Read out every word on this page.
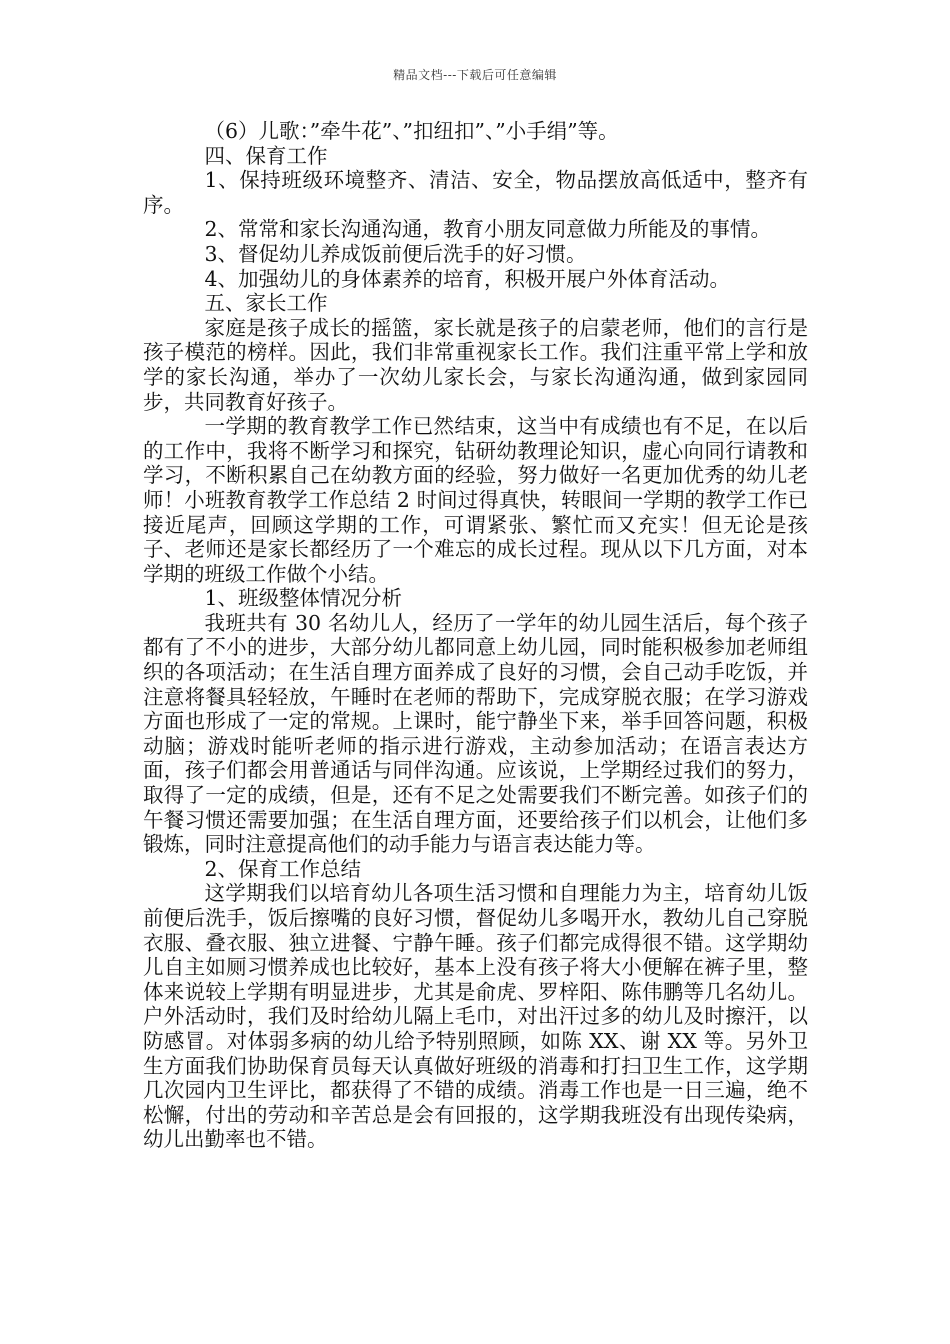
精品文档---下载后可任意编辑

（6）儿歌：”牵牛花”、”扣纽扣”、”小手绢”等。

四、保育工作

1、保持班级环境整齐、清洁、安全，物品摆放高低适中，整齐有序。

2、常常和家长沟通沟通，教育小朋友同意做力所能及的事情。

3、督促幼儿养成饭前便后洗手的好习惯。

4、加强幼儿的身体素养的培育，积极开展户外体育活动。

五、家长工作

家庭是孩子成长的摇篮，家长就是孩子的启蒙老师，他们的言行是孩子模范的榜样。因此，我们非常重视家长工作。我们注重平常上学和放学的家长沟通，举办了一次幼儿家长会，与家长沟通沟通，做到家园同步，共同教育好孩子。

一学期的教育教学工作已然结束，这当中有成绩也有不足，在以后的工作中，我将不断学习和探究，钻研幼教理论知识，虚心向同行请教和学习，不断积累自己在幼教方面的经验，努力做好一名更加优秀的幼儿老师！小班教育教学工作总结 2 时间过得真快，转眼间一学期的教学工作已接近尾声，回顾这学期的工作，可谓紧张、繁忙而又充实！但无论是孩子、老师还是家长都经历了一个难忘的成长过程。现从以下几方面，对本学期的班级工作做个小结。

1、班级整体情况分析

我班共有 30 名幼儿人，经历了一学年的幼儿园生活后，每个孩子都有了不小的进步，大部分幼儿都同意上幼儿园，同时能积极参加老师组织的各项活动；在生活自理方面养成了良好的习惯，会自己动手吃饭，并注意将餐具轻轻放，午睡时在老师的帮助下，完成穿脱衣服；在学习游戏方面也形成了一定的常规。上课时，能宁静坐下来，举手回答问题，积极动脑；游戏时能听老师的指示进行游戏，主动参加活动；在语言表达方面，孩子们都会用普通话与同伴沟通。应该说，上学期经过我们的努力，取得了一定的成绩，但是，还有不足之处需要我们不断完善。如孩子们的午餐习惯还需要加强；在生活自理方面，还要给孩子们以机会，让他们多锻炼，同时注意提高他们的动手能力与语言表达能力等。

2、保育工作总结

这学期我们以培育幼儿各项生活习惯和自理能力为主，培育幼儿饭前便后洗手，饭后擦嘴的良好习惯，督促幼儿多喝开水，教幼儿自己穿脱衣服、叠衣服、独立进餐、宁静午睡。孩子们都完成得很不错。这学期幼儿自主如厕习惯养成也比较好，基本上没有孩子将大小便解在裤子里，整体来说较上学期有明显进步，尤其是俞虎、罗梓阳、陈伟鹏等几名幼儿。户外活动时，我们及时给幼儿隔上毛巾，对出汗过多的幼儿及时擦汗，以防感冒。对体弱多病的幼儿给予特别照顾，如陈 XX、谢 XX 等。另外卫生方面我们协助保育员每天认真做好班级的消毒和打扫卫生工作，这学期几次园内卫生评比，都获得了不错的成绩。消毒工作也是一日三遍，绝不松懈，付出的劳动和辛苦总是会有回报的，这学期我班没有出现传染病，幼儿出勤率也不错。
